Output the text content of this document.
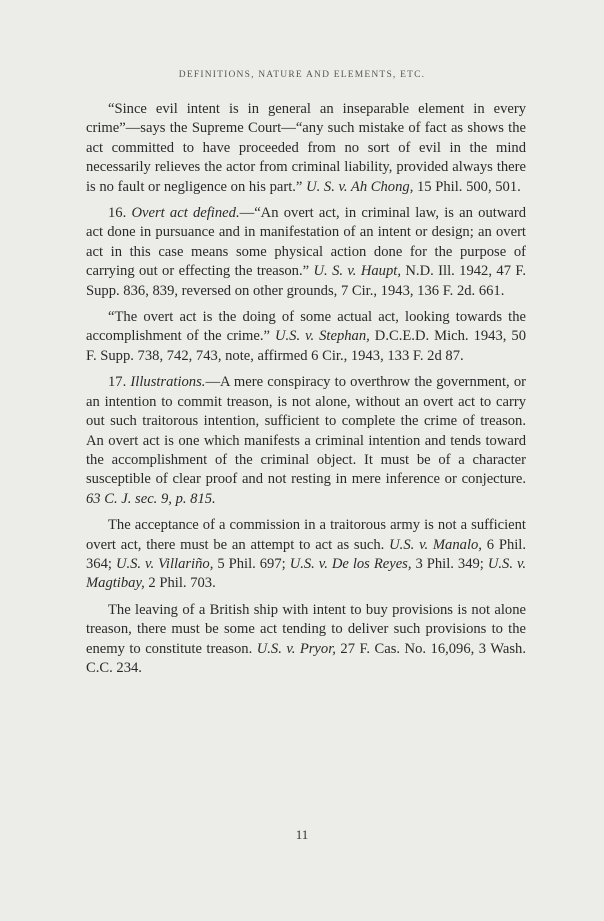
DEFINITIONS, NATURE AND ELEMENTS, ETC.

“Since evil intent is in general an inseparable element in every crime”—says the Supreme Court—“any such mistake of fact as shows the act committed to have proceeded from no sort of evil in the mind necessarily relieves the actor from criminal liability, provided always there is no fault or negligence on his part.” U. S. v. Ah Chong, 15 Phil. 500, 501.

16. Overt act defined.—“An overt act, in criminal law, is an outward act done in pursuance and in manifestation of an intent or design; an overt act in this case means some physical action done for the purpose of carrying out or effecting the treason.” U. S. v. Haupt, N.D. Ill. 1942, 47 F. Supp. 836, 839, reversed on other grounds, 7 Cir., 1943, 136 F. 2d. 661.

“The overt act is the doing of some actual act, looking towards the accomplishment of the crime.” U.S. v. Stephan, D.C.E.D. Mich. 1943, 50 F. Supp. 738, 742, 743, note, affirmed 6 Cir., 1943, 133 F. 2d 87.

17. Illustrations.—A mere conspiracy to overthrow the government, or an intention to commit treason, is not alone, without an overt act to carry out such traitorous intention, sufficient to complete the crime of treason. An overt act is one which manifests a criminal intention and tends toward the accomplishment of the criminal object. It must be of a character susceptible of clear proof and not resting in mere inference or conjecture. 63 C. J. sec. 9, p. 815.

The acceptance of a commission in a traitorous army is not a sufficient overt act, there must be an attempt to act as such. U.S. v. Manalo, 6 Phil. 364; U.S. v. Villariño, 5 Phil. 697; U.S. v. De los Reyes, 3 Phil. 349; U.S. v. Magtibay, 2 Phil. 703.

The leaving of a British ship with intent to buy provisions is not alone treason, there must be some act tending to deliver such provisions to the enemy to constitute treason. U.S. v. Pryor, 27 F. Cas. No. 16,096, 3 Wash. C.C. 234.

11
